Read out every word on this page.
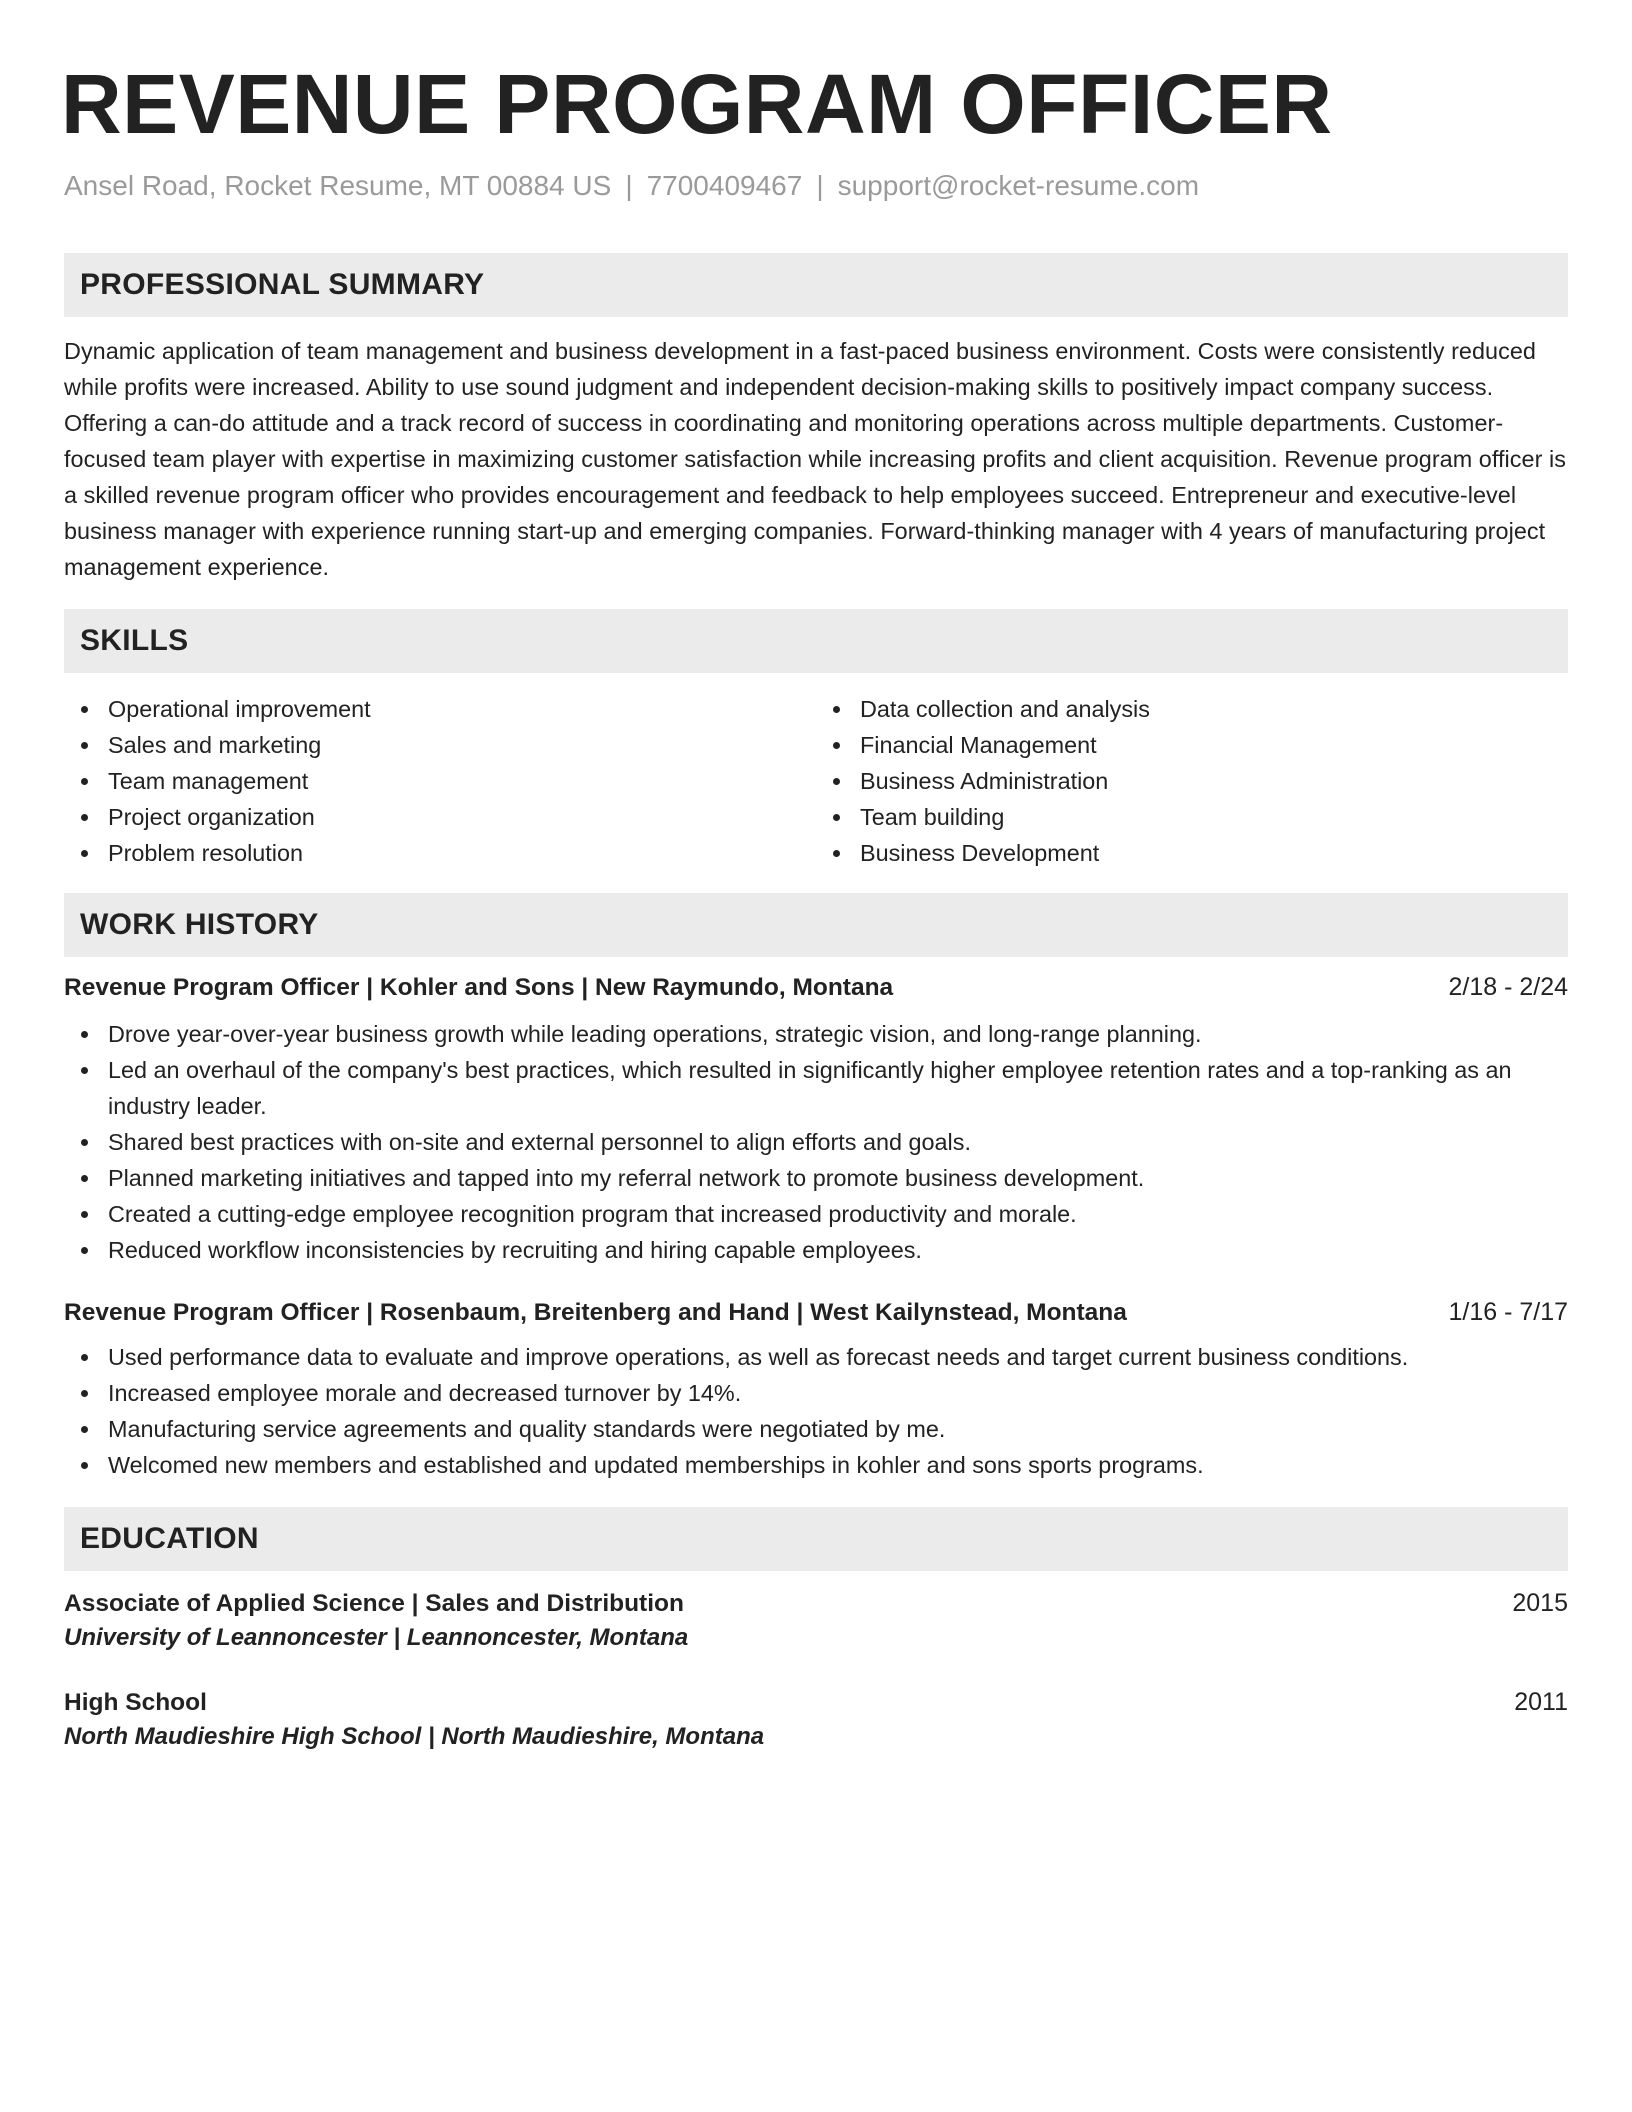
REVENUE PROGRAM OFFICER
Ansel Road, Rocket Resume, MT 00884 US | 7700409467 | support@rocket-resume.com
PROFESSIONAL SUMMARY
Dynamic application of team management and business development in a fast-paced business environment. Costs were consistently reduced while profits were increased. Ability to use sound judgment and independent decision-making skills to positively impact company success. Offering a can-do attitude and a track record of success in coordinating and monitoring operations across multiple departments. Customer-focused team player with expertise in maximizing customer satisfaction while increasing profits and client acquisition. Revenue program officer is a skilled revenue program officer who provides encouragement and feedback to help employees succeed. Entrepreneur and executive-level business manager with experience running start-up and emerging companies. Forward-thinking manager with 4 years of manufacturing project management experience.
SKILLS
Operational improvement
Sales and marketing
Team management
Project organization
Problem resolution
Data collection and analysis
Financial Management
Business Administration
Team building
Business Development
WORK HISTORY
Revenue Program Officer | Kohler and Sons | New Raymundo, Montana	2/18 - 2/24
Drove year-over-year business growth while leading operations, strategic vision, and long-range planning.
Led an overhaul of the company's best practices, which resulted in significantly higher employee retention rates and a top-ranking as an industry leader.
Shared best practices with on-site and external personnel to align efforts and goals.
Planned marketing initiatives and tapped into my referral network to promote business development.
Created a cutting-edge employee recognition program that increased productivity and morale.
Reduced workflow inconsistencies by recruiting and hiring capable employees.
Revenue Program Officer | Rosenbaum, Breitenberg and Hand | West Kailynstead, Montana	1/16 - 7/17
Used performance data to evaluate and improve operations, as well as forecast needs and target current business conditions.
Increased employee morale and decreased turnover by 14%.
Manufacturing service agreements and quality standards were negotiated by me.
Welcomed new members and established and updated memberships in kohler and sons sports programs.
EDUCATION
Associate of Applied Science | Sales and Distribution	2015
University of Leannoncester | Leannoncester, Montana
High School	2011
North Maudieshire High School | North Maudieshire, Montana
